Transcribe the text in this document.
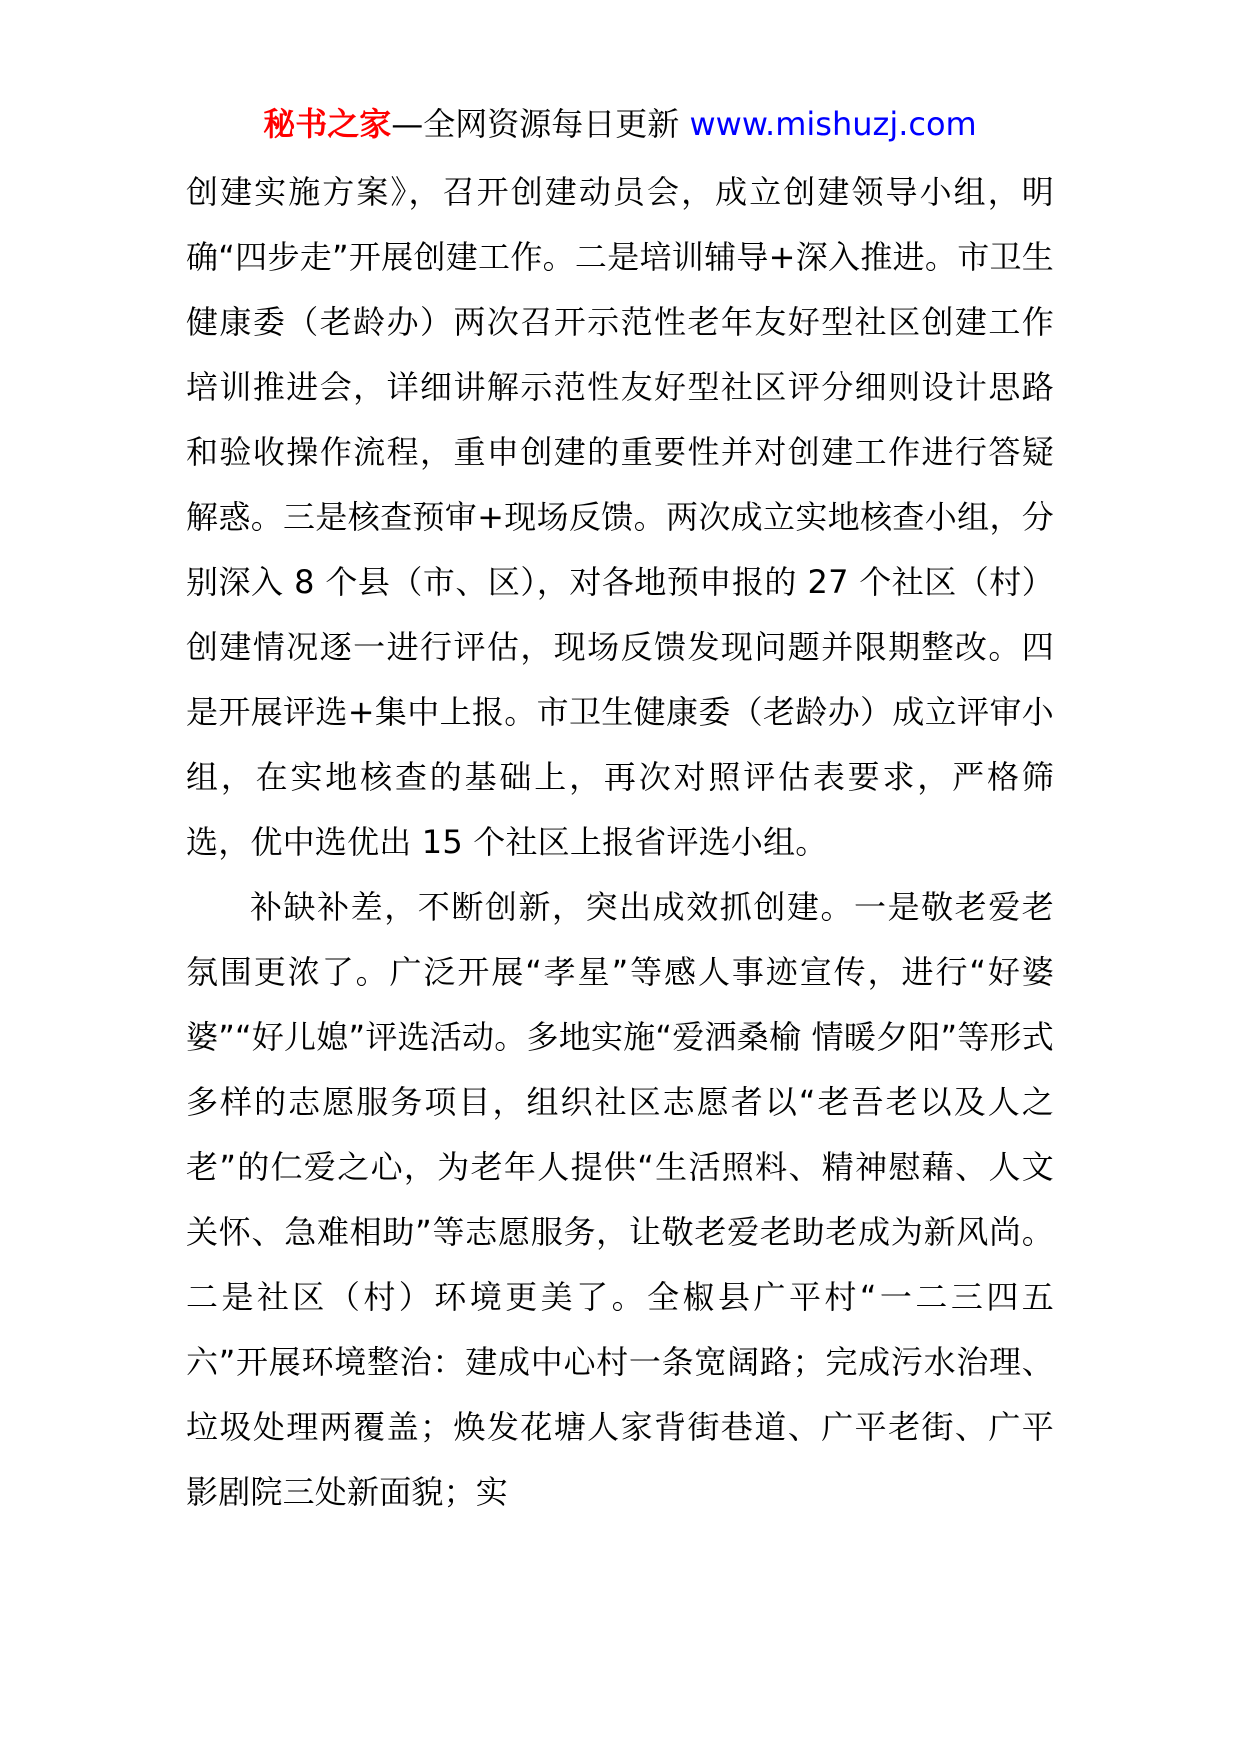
秘书之家—全网资源每日更新 www.mishuzj.com

创建实施方案》，召开创建动员会，成立创建领导小组，明确“四步走”开展创建工作。二是培训辅导+深入推进。市卫生健康委（老龄办）两次召开示范性老年友好型社区创建工作培训推进会，详细讲解示范性友好型社区评分细则设计思路和验收操作流程，重申创建的重要性并对创建工作进行答疑解惑。三是核查预审+现场反馈。两次成立实地核查小组，分别深入 8 个县（市、区），对各地预申报的 27 个社区（村）创建情况逐一进行评估，现场反馈发现问题并限期整改。四是开展评选+集中上报。市卫生健康委（老龄办）成立评审小组，在实地核查的基础上，再次对照评估表要求，严格筛选，优中选优出 15 个社区上报省评选小组。

补缺补差，不断创新，突出成效抓创建。一是敬老爱老氛围更浓了。广泛开展“孝星”等感人事迹宣传，进行“好婆婆”“好儿媳”评选活动。多地实施“爱洒桑榆 情暖夕阳”等形式多样的志愿服务项目，组织社区志愿者以“老吾老以及人之老”的仁爱之心，为老年人提供“生活照料、精神慰藉、人文关怀、急难相助”等志愿服务，让敬老爱老助老成为新风尚。二是社区（村）环境更美了。全椒县广平村“一二三四五六”开展环境整治：建成中心村一条宽阔路；完成污水治理、垃圾处理两覆盖；焕发花塘人家背街巷道、广平老街、广平影剧院三处新面貌；实
